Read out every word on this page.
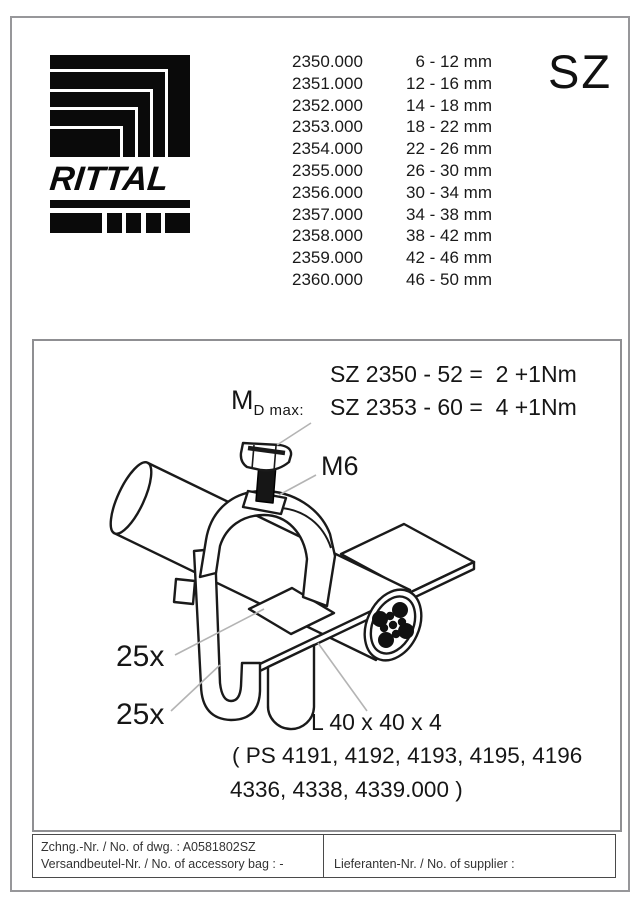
RITTAL
2350.000	6 - 12 mm
2351.000	12 - 16 mm
2352.000	14 - 18 mm
2353.000	18 - 22 mm
2354.000	22 - 26 mm
2355.000	26 - 30 mm
2356.000	30 - 34 mm
2357.000	34 - 38 mm
2358.000	38 - 42 mm
2359.000	42 - 46 mm
2360.000	46 - 50 mm
SZ
$M_{D max:}$
SZ 2350 - 52 =  2 +1Nm
SZ 2353 - 60 =  4 +1Nm
M6
25x
25x	L 40 x 40 x 4
( PS 4191, 4192, 4193, 4195, 4196
4336, 4338, 4339.000 )
Zchng.-Nr. / No. of dwg. : A0581802SZ
Versandbeutel-Nr. / No. of accessory bag : -	Lieferanten-Nr. / No. of supplier :
